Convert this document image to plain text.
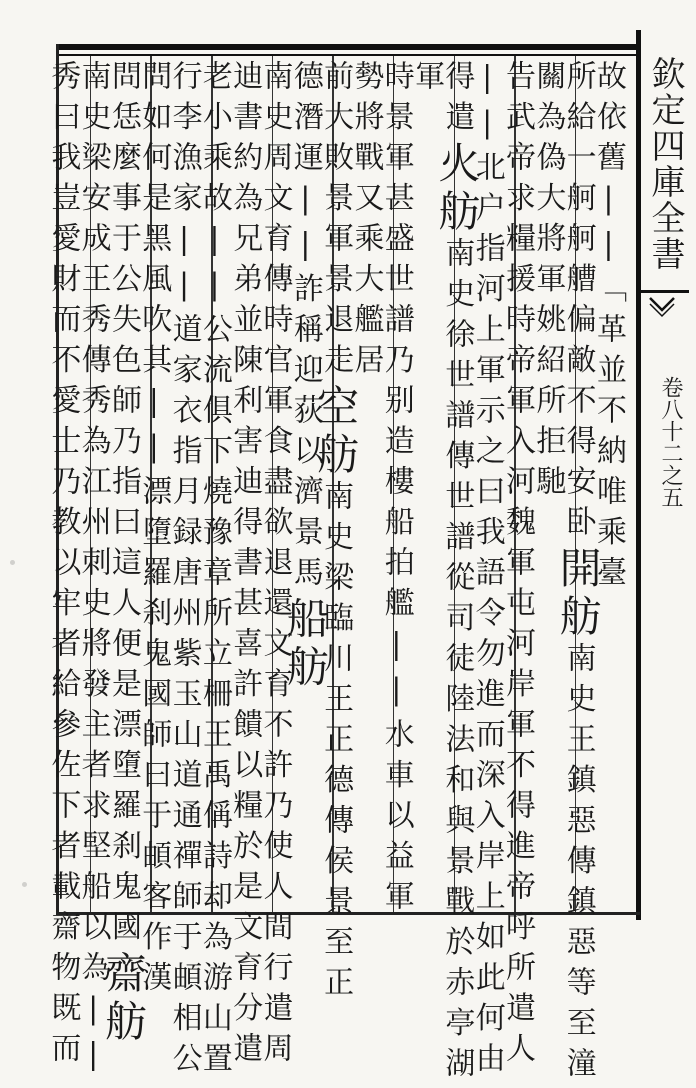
欽定四庫全書
卷八十二之五
故依舊||「革並不納唯乘臺
所給一舸舸艚偏敵不得安卧開舫南史王鎮惡傳鎮惡等至潼
關為偽大將軍姚紹所拒馳
告武帝求糧援時帝軍入河魏軍屯河岸軍不得進帝呼所遣人
||北户指河上軍示之曰我語令勿進而深入岸上如此何由
得遣火舫南史徐世譜傳世譜從司徒陸法和與景戰於赤亭湖
軍
時景軍甚盛世譜乃别造樓船拍艦||水車以益軍
勢將戰又乘大艦居
前大敗景軍景退走空舫南史梁臨川王正德傳侯景至正
德潛運||詐稱迎荻以濟景馬船舫
南史周文育傳時官軍食盡欲退還文育不許乃使人間行遣周
迪書約為兄弟並陳利害迪得書甚喜許饋以糧於是文育分遣
老小乘故||公流俱下燒豫章所立柵王禹偁詩却為游山置
行李漁家||道家衣指月録唐州紫玉山道通禪師于頔相公
問如何是黑風吹其||漂墮羅刹鬼國師曰于頔客作漢
問恁麼事于公失色師乃指曰這人便是漂墮羅刹鬼國齋舫
南史梁安成王秀傳秀為江州刺史將發主者求堅船以為||
秀曰我豈愛財而不愛士乃教以牢者給參佐下者載齋物既而
